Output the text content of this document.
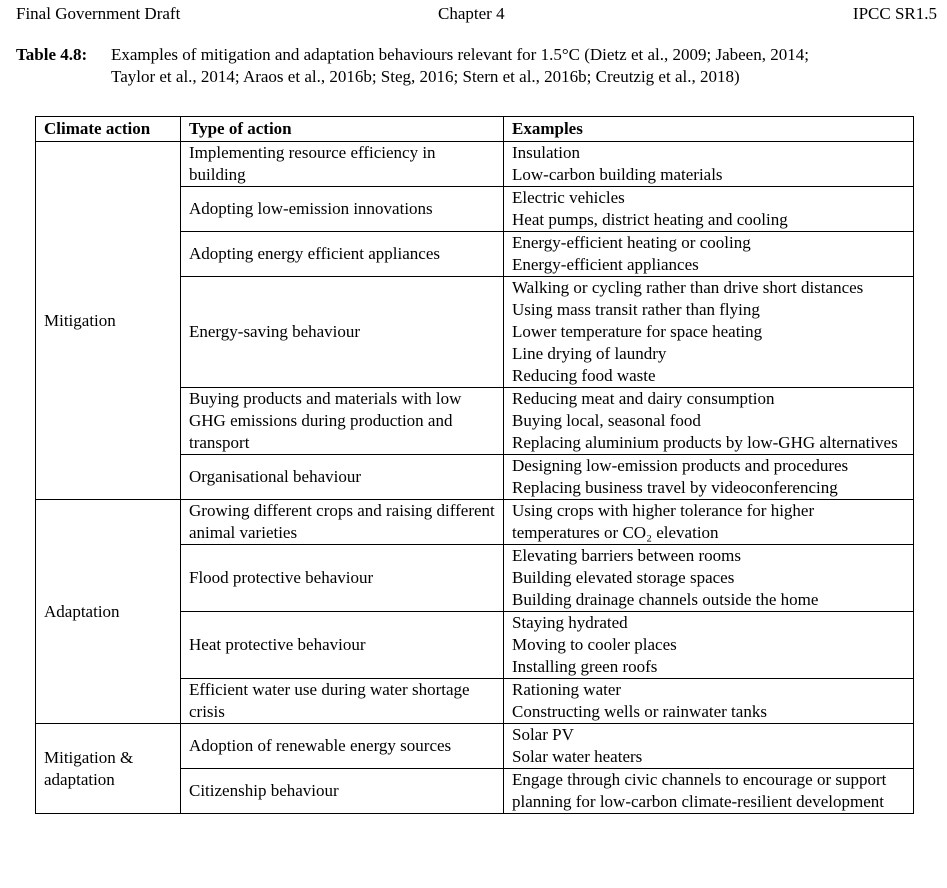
Final Government Draft	Chapter 4	IPCC SR1.5
Table 4.8: Examples of mitigation and adaptation behaviours relevant for 1.5°C (Dietz et al., 2009; Jabeen, 2014;
Taylor et al., 2014; Araos et al., 2016b; Steg, 2016; Stern et al., 2016b; Creutzig et al., 2018)
Climate action	Type of action	Examples
Mitigation	Implementing resource efficiency in building	Insulation
Low-carbon building materials

	Adopting low-emission innovations	Electric vehicles
Heat pumps, district heating and cooling

	Adopting energy efficient appliances	Energy-efficient heating or cooling
Energy-efficient appliances

	Energy-saving behaviour	Walking or cycling rather than drive short distances
Using mass transit rather than flying
Lower temperature for space heating
Line drying of laundry
Reducing food waste

	Buying products and materials with low GHG emissions during production and transport	Reducing meat and dairy consumption
Buying local, seasonal food
Replacing aluminium products by low-GHG alternatives

	Organisational behaviour	Designing low-emission products and procedures
Replacing business travel by videoconferencing

Adaptation	Growing different crops and raising different animal varieties	Using crops with higher tolerance for higher
temperatures or CO₂ elevation

	Flood protective behaviour	Elevating barriers between rooms
Building elevated storage spaces
Building drainage channels outside the home

	Heat protective behaviour	Staying hydrated
Moving to cooler places
Installing green roofs

	Efficient water use during water shortage crisis	Rationing water
Constructing wells or rainwater tanks

Mitigation & adaptation	Adoption of renewable energy sources	Solar PV
Solar water heaters

	Citizenship behaviour	Engage through civic channels to encourage or support planning for low-carbon climate-resilient development
